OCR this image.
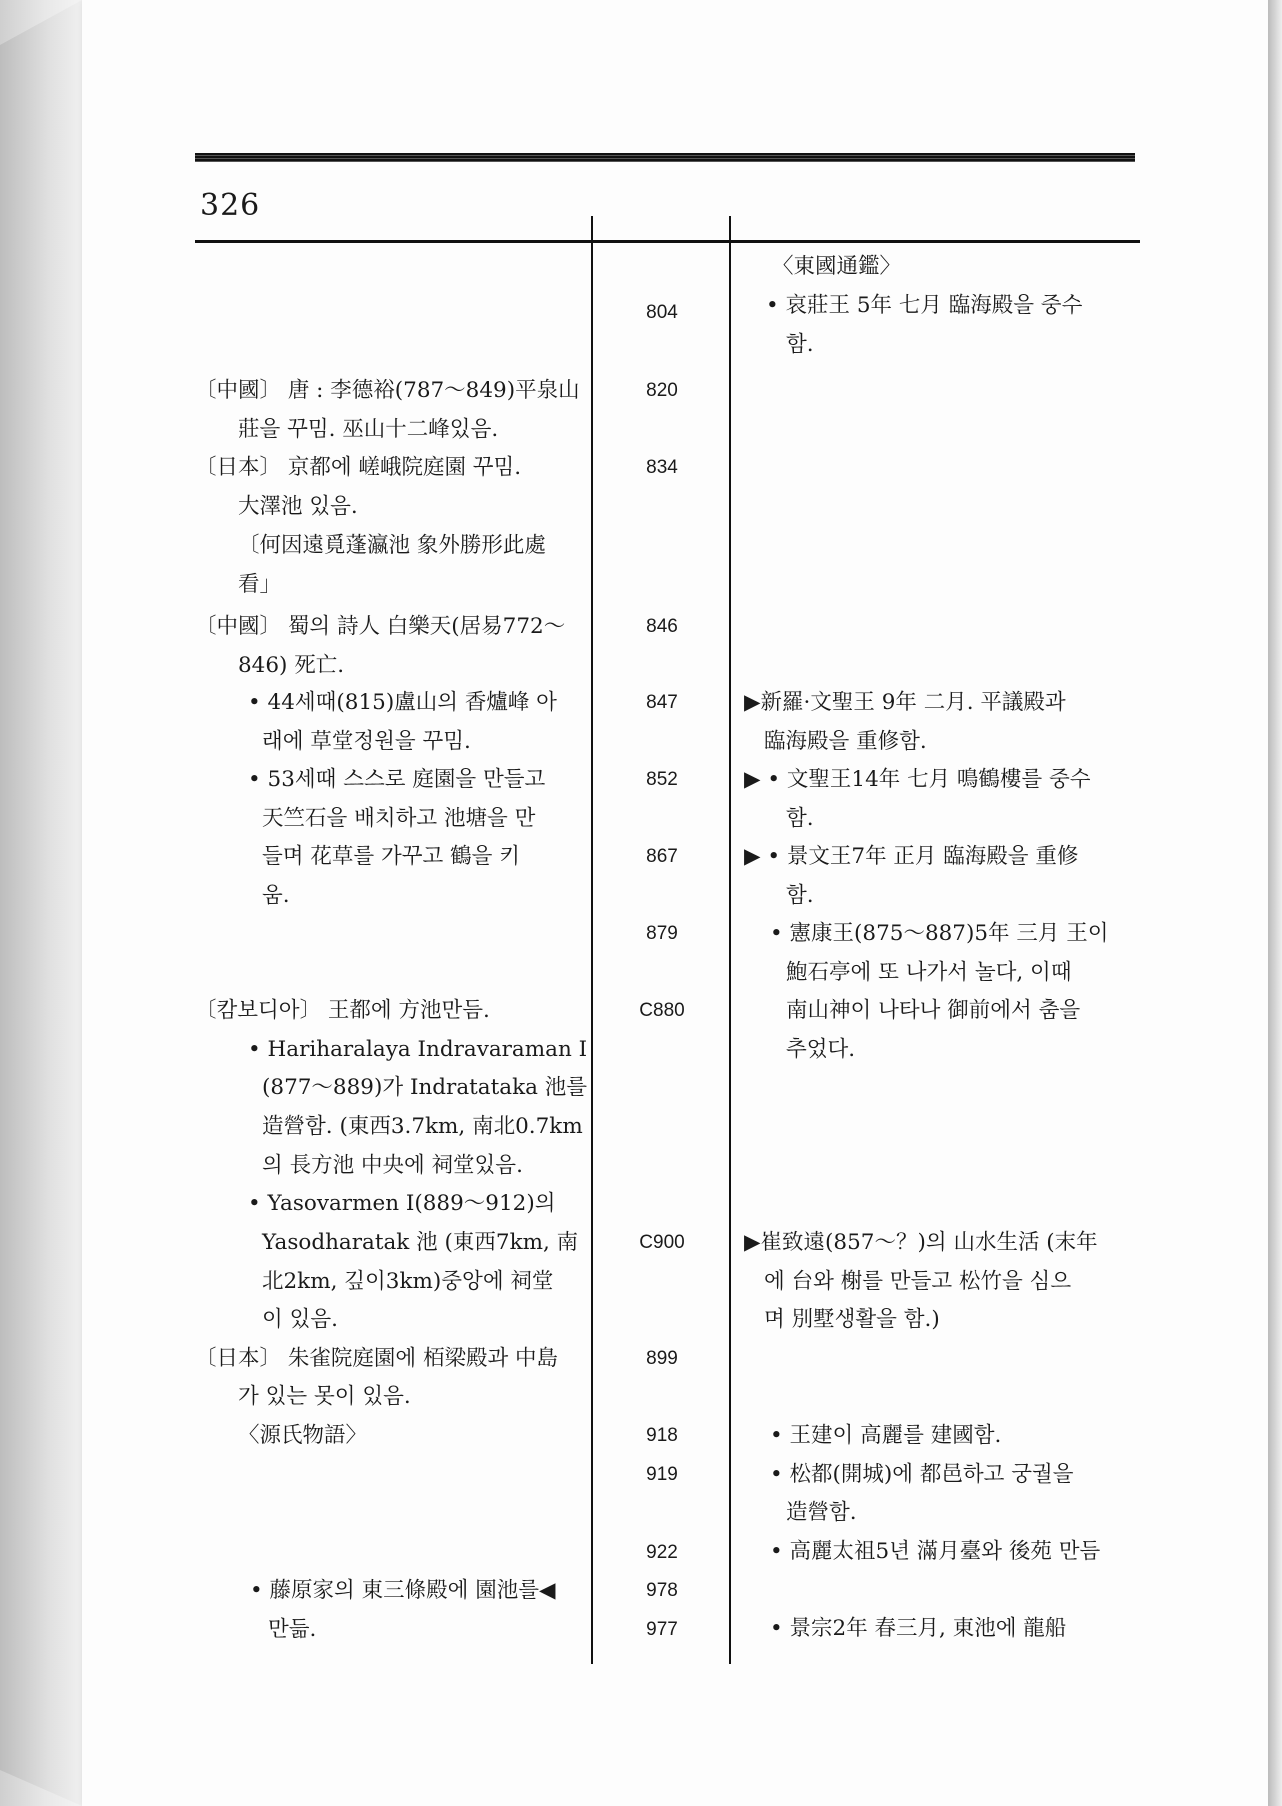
326
804
820
834
846
847
852
867
879
C880
C900
899
918
919
922
978
977
〔中國〕 唐 : 李德裕(787～849)平泉山
莊을 꾸밈. 巫山十二峰있음.
〔日本〕 京都에 嵯峨院庭園 꾸밈.
大澤池 있음.
〔何因遠覓蓬瀛池 象外勝形此處
看」
〔中國〕 蜀의 詩人 白樂天(居易772～
846) 死亡.
• 44세때(815)盧山의 香爐峰 아
래에 草堂정원을 꾸밈.
• 53세때 스스로 庭園을 만들고
天竺石을 배치하고 池塘을 만
들며 花草를 가꾸고 鶴을 키
움.
〔캄보디아〕 王都에 方池만듬.
• Hariharalaya Indravaraman I
(877～889)가 Indratataka 池를
造營함. (東西3.7km, 南北0.7km
의 長方池 中央에 祠堂있음.
• Yasovarmen I(889～912)의
Yasodharatak 池 (東西7km, 南
北2km, 깊이3km)중앙에 祠堂
이 있음.
〔日本〕 朱雀院庭園에 栢梁殿과 中島
가 있는 못이 있음.
〈源氏物語〉
• 藤原家의 東三條殿에 園池를◀
만듦.
〈東國通鑑〉
• 哀莊王 5年 七月 臨海殿을 중수
함.
▶新羅·文聖王 9年 二月. 平議殿과
臨海殿을 重修함.
▶ • 文聖王14年 七月 鳴鶴樓를 중수
함.
▶ • 景文王7年 正月 臨海殿을 重修
함.
• 憲康王(875～887)5年 三月 王이
鮑石亭에 또 나가서 놀다, 이때
南山神이 나타나 御前에서 춤을
추었다.
▶崔致遠(857～？)의 山水生活 (末年
에 台와 榭를 만들고 松竹을 심으
며 別墅생활을 함.)
• 王建이 高麗를 建國함.
• 松都(開城)에 都邑하고 궁궐을
造營함.
• 高麗太祖5년 滿月臺와 後苑 만듬
• 景宗2年 春三月, 東池에 龍船
